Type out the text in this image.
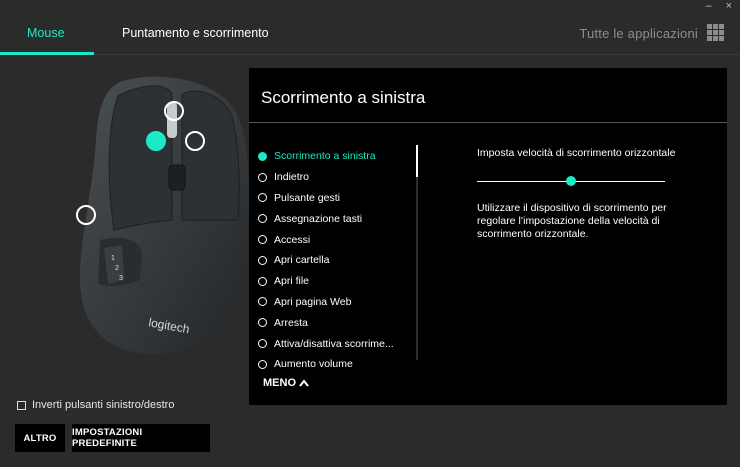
– ×
Mouse	Puntamento e scorrimento	Tutte le applicazioni
1
2
3
logitech
Inverti pulsanti sinistro/destro
ALTRO	IMPOSTAZIONI PREDEFINITE
Scorrimento a sinistra
Scorrimento a sinistra
Indietro
Pulsante gesti
Assegnazione tasti
Accessi
Apri cartella
Apri file
Apri pagina Web
Arresta
Attiva/disattiva scorrime...
Aumento volume
MENO
Imposta velocità di scorrimento orizzontale
Utilizzare il dispositivo di scorrimento per regolare l’impostazione della velocità di scorrimento orizzontale.
